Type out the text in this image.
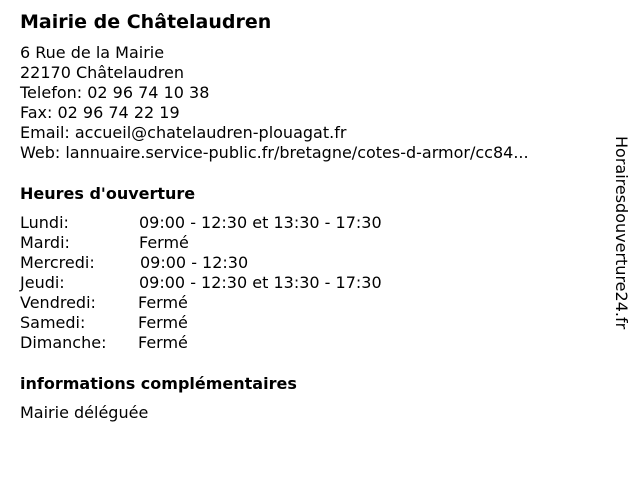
Mairie de Châtelaudren
6 Rue de la Mairie
22170 Châtelaudren
Telefon: 02 96 74 10 38
Fax: 02 96 74 22 19
Email: accueil@chatelaudren-plouagat.fr
Web: lannuaire.service-public.fr/bretagne/cotes-d-armor/cc84...
Heures d'ouverture
Lundi:	09:00 - 12:30 et 13:30 - 17:30
Mardi:	Fermé
Mercredi:	09:00 - 12:30
Jeudi:	09:00 - 12:30 et 13:30 - 17:30
Vendredi:	Fermé
Samedi:	Fermé
Dimanche: Fermé
informations complémentaires
Mairie déléguée
Horairesdouverture24.fr
